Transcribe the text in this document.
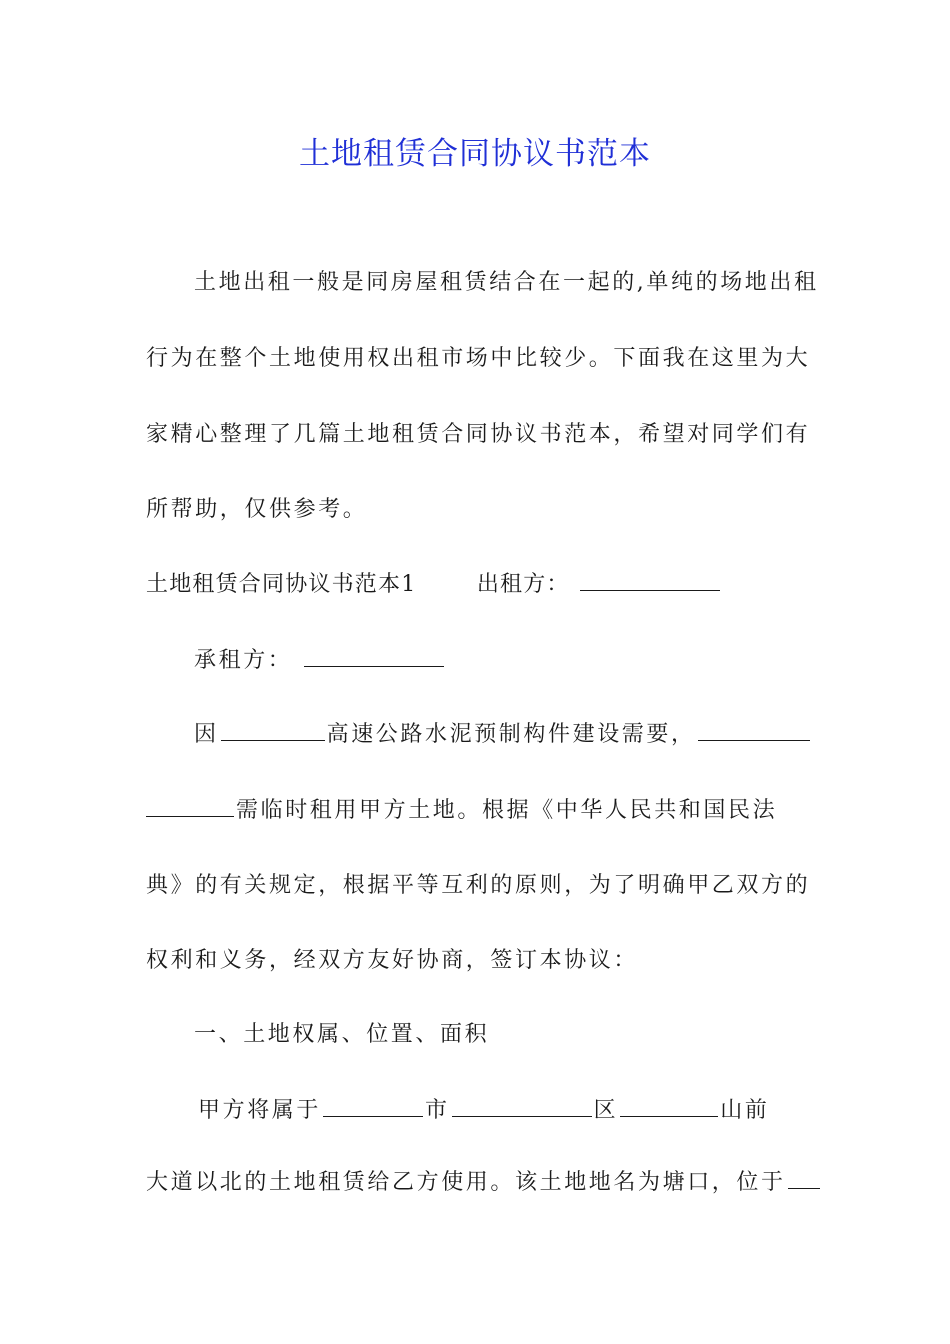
土地租赁合同协议书范本
土地出租一般是同房屋租赁结合在一起的,单纯的场地出租
行为在整个土地使用权出租市场中比较少。下面我在这里为大
家精心整理了几篇土地租赁合同协议书范本，希望对同学们有
所帮助，仅供参考。
土地租赁合同协议书范本1	出租方：
承租方：
因	高速公路水泥预制构件建设需要，
需临时租用甲方土地。根据《中华人民共和国民法
典》的有关规定，根据平等互利的原则，为了明确甲乙双方的
权利和义务，经双方友好协商，签订本协议：
一、土地权属、位置、面积
甲方将属于	市	区	山前
大道以北的土地租赁给乙方使用。该土地地名为塘口，位于
